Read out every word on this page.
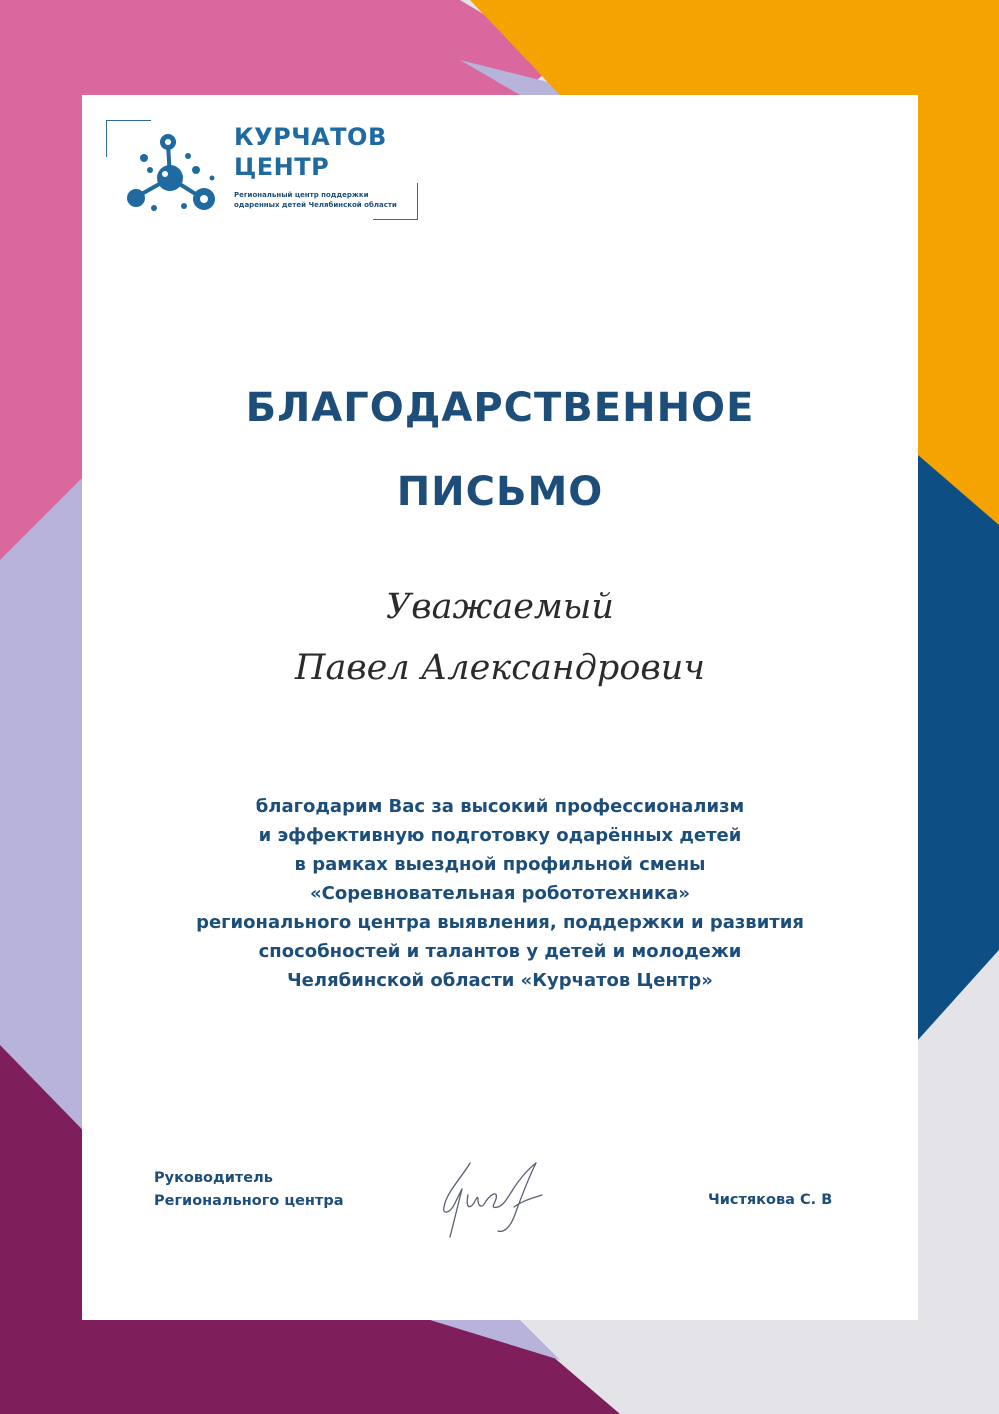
КУРЧАТОВ
ЦЕНТР
Региональный центр поддержки
одаренных детей Челябинской области
БЛАГОДАРСТВЕННОЕ
ПИСЬМО
Уважаемый
Павел Александрович
благодарим Вас за высокий профессионализм
и эффективную подготовку одарённых детей
в рамках выездной профильной смены
«Соревновательная робототехника»
регионального центра выявления, поддержки и развития
способностей и талантов у детей и молодежи
Челябинской области «Курчатов Центр»
Руководитель
Регионального центра	Чистякова С. В
